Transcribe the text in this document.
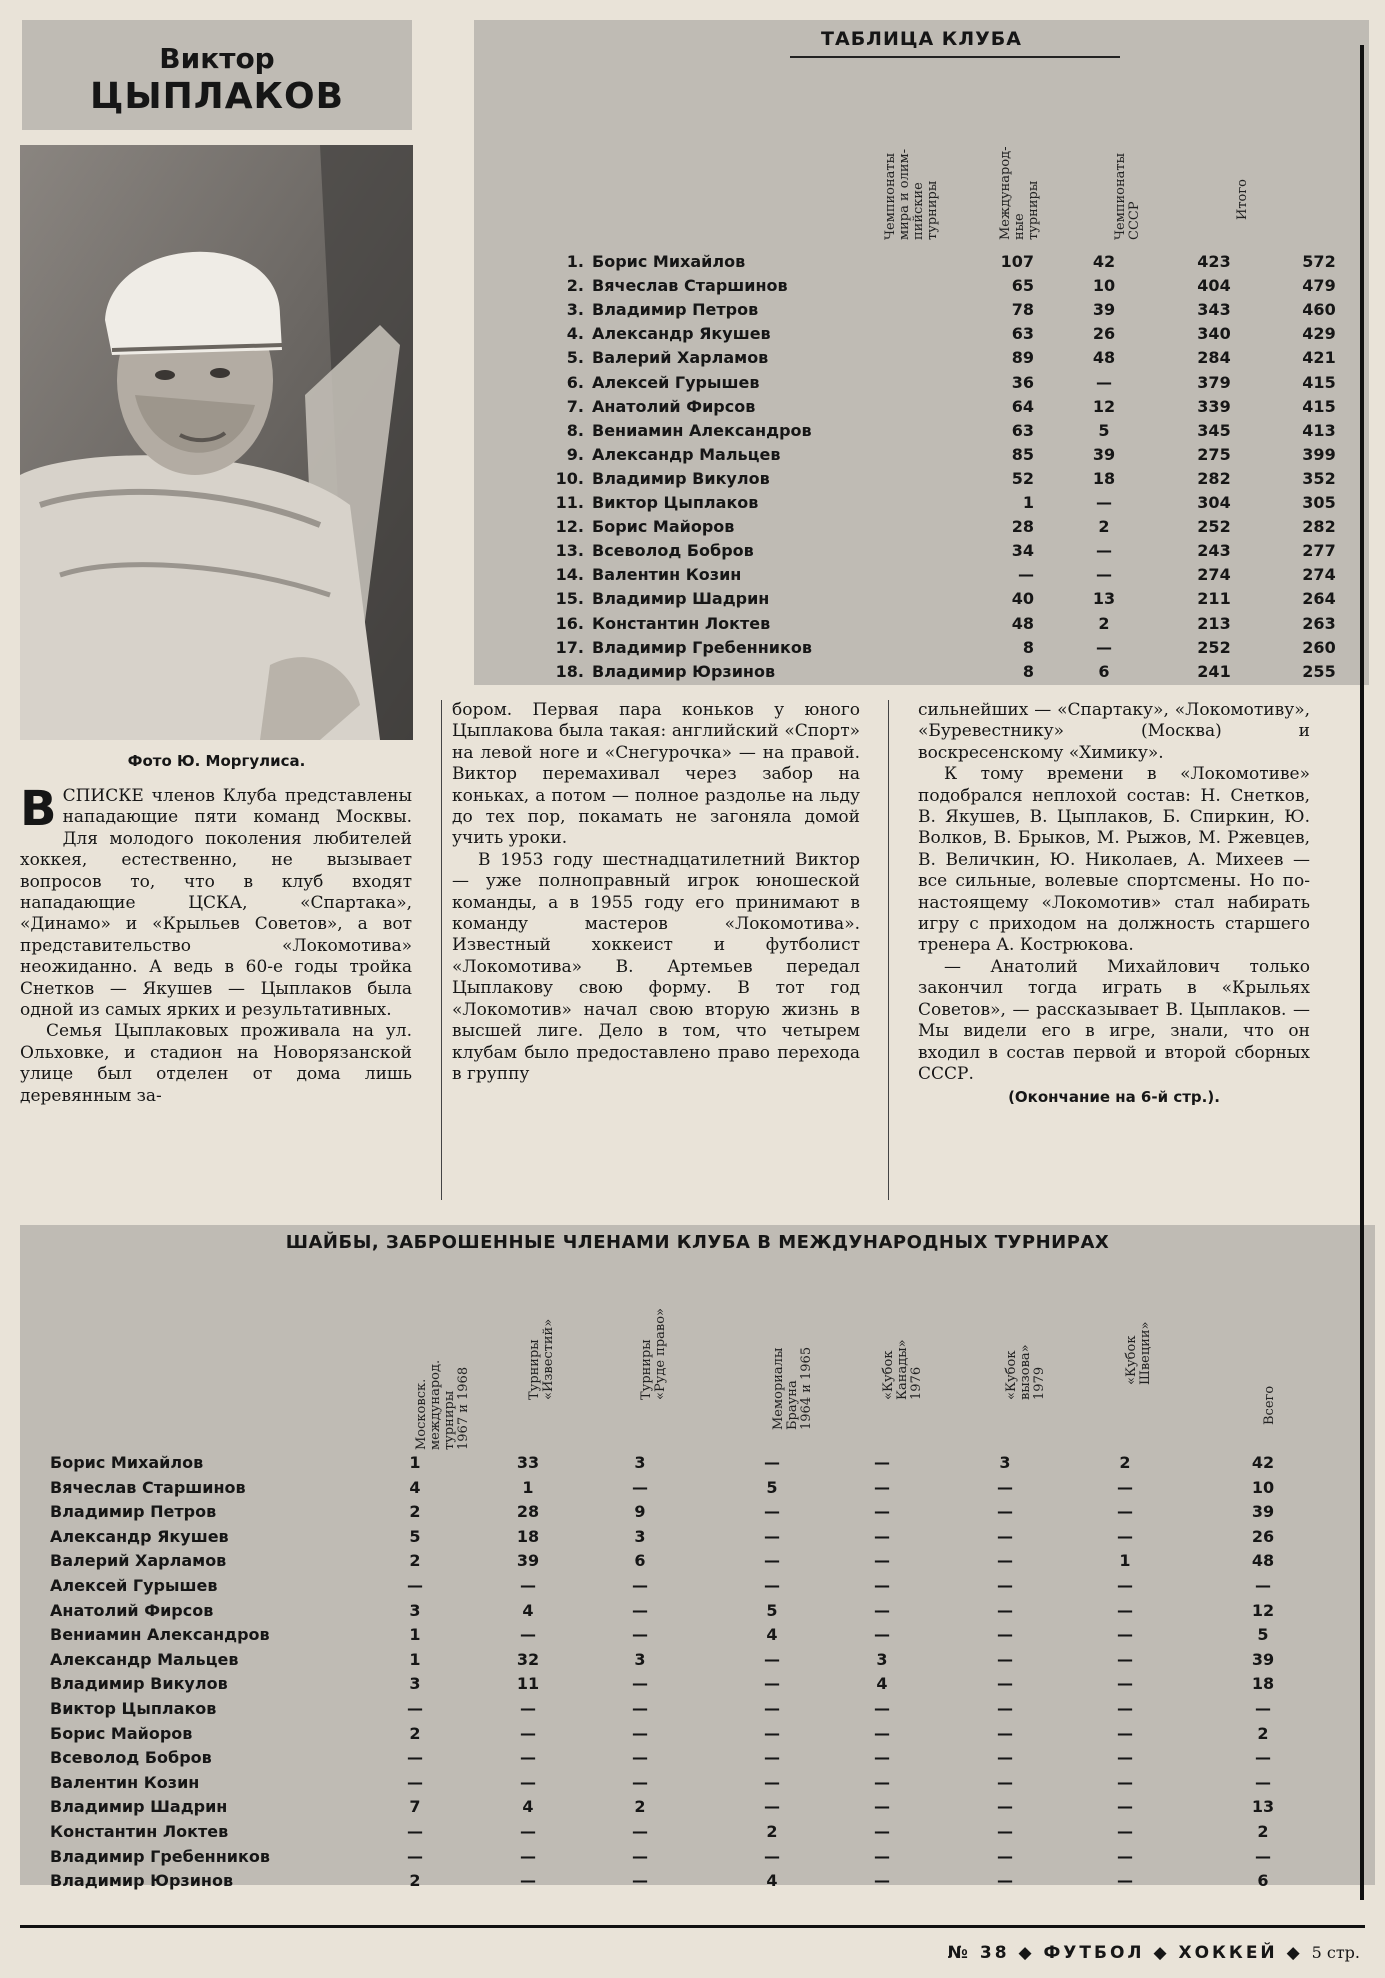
Виктор
ЦЫПЛАКОВ
Фото Ю. Моргулиса.
ТАБЛИЦА КЛУБА
Чемпионаты
мира и олим-
пийские
турниры	Международ-
ные
турниры	Чемпионаты
СССР
Итого
1. Борис Михайлов	107	42	423	572
2. Вячеслав Старшинов	65	10	404	479
3. Владимир Петров	78	39	343	460
4. Александр Якушев	63	26	340	429
5. Валерий Харламов	89	48	284	421
6. Алексей Гурышев	36	—	379	415
7. Анатолий Фирсов	64	12	339	415
8. Вениамин Александров	63	5	345	413
9. Александр Мальцев	85	39	275	399
10. Владимир Викулов	52	18	282	352
11. Виктор Цыплаков	1	—	304	305
12. Борис Майоров	28	2	252	282
13. Всеволод Бобров	34	—	243	277
14. Валентин Козин	—	—	274	274
15. Владимир Шадрин	40	13	211	264
16. Константин Локтев	48	2	213	263
17. Владимир Гребенников	8	—	252	260
18. Владимир Юрзинов	8	6	241	255

ВСПИСКЕ членов Клуба представлены нападающие пяти команд Москвы. Для молодого поколения любителей хоккея, естественно, не вызывает вопросов то, что в клуб входят нападающие ЦСКА, «Спартака», «Динамо» и «Крыльев Советов», а вот представительство «Локомотива» неожиданно. А ведь в 60-е годы тройка Снетков — Якушев — Цыплаков была одной из самых ярких и результативных.

Семья Цыплаковых проживала на ул. Ольховке, и стадион на Новорязанской улице был отделен от дома лишь деревянным за-

бором. Первая пара коньков у юного Цыплакова была такая: английский «Спорт» на левой ноге и «Снегурочка» — на правой. Виктор перемахивал через забор на коньках, а потом — полное раздолье на льду до тех пор, покамать не загоняла домой учить уроки.

В 1953 году шестнадцатилетний Виктор — уже полноправный игрок юношеской команды, а в 1955 году его принимают в команду мастеров «Локомотива». Известный хоккеист и футболист «Локомотива» В. Артемьев передал Цыплакову свою форму. В тот год «Локомотив» начал свою вторую жизнь в высшей лиге. Дело в том, что четырем клубам было предоставлено право перехода в группу

сильнейших — «Спартаку», «Локомотиву», «Буревестнику» (Москва) и воскресенскому «Химику».

К тому времени в «Локомотиве» подобрался неплохой состав: Н. Снетков, В. Якушев, В. Цыплаков, Б. Спиркин, Ю. Волков, В. Брыков, М. Рыжов, М. Ржевцев, В. Величкин, Ю. Николаев, А. Михеев — все сильные, волевые спортсмены. Но по-настоящему «Локомотив» стал набирать игру с приходом на должность старшего тренера А. Кострюкова.

— Анатолий Михайлович только закончил тогда играть в «Крыльях Советов», — рассказывает В. Цыплаков. — Мы видели его в игре, знали, что он входил в состав первой и второй сборных СССР.

(Окончание на 6-й стр.).
ШАЙБЫ, ЗАБРОШЕННЫЕ ЧЛЕНАМИ КЛУБА В МЕЖДУНАРОДНЫХ ТУРНИРАХ
Московск.
международ.
турниры
1967 и 1968	Турниры
«Известий»	Турниры
«Руде право»
Мемориалы
Брауна
1964 и 1965	«Кубок
Канады»
1976	«Кубок
вызова»
1979	«Кубок
Швеции»
Всего
Борис Михайлов	1	33	3	—	—	3	2	42
Вячеслав Старшинов	4	1	—	5	—	—	—	10
Владимир Петров	2	28	9	—	—	—	—	39
Александр Якушев	5	18	3	—	—	—	—	26
Валерий Харламов	2	39	6	—	—	—	1	48
Алексей Гурышев	—	—	—	—	—	—	—	—
Анатолий Фирсов	3	4	—	5	—	—	—	12
Вениамин Александров	1	—	—	4	—	—	—	5
Александр Мальцев	1	32	3	—	3	—	—	39
Владимир Викулов	3	11	—	—	4	—	—	18
Виктор Цыплаков	—	—	—	—	—	—	—	—
Борис Майоров	2	—	—	—	—	—	—	2
Всеволод Бобров	—	—	—	—	—	—	—	—
Валентин Козин	—	—	—	—	—	—	—	—
Владимир Шадрин	7	4	2	—	—	—	—	13
Константин Локтев	—	—	—	2	—	—	—	2
Владимир Гребенников	—	—	—	—	—	—	—	—
Владимир Юрзинов	2	—	—	4	—	—	—	6
№ 38 ◆ ФУТБОЛ ◆ ХОККЕЙ ◆ 5 стр.
